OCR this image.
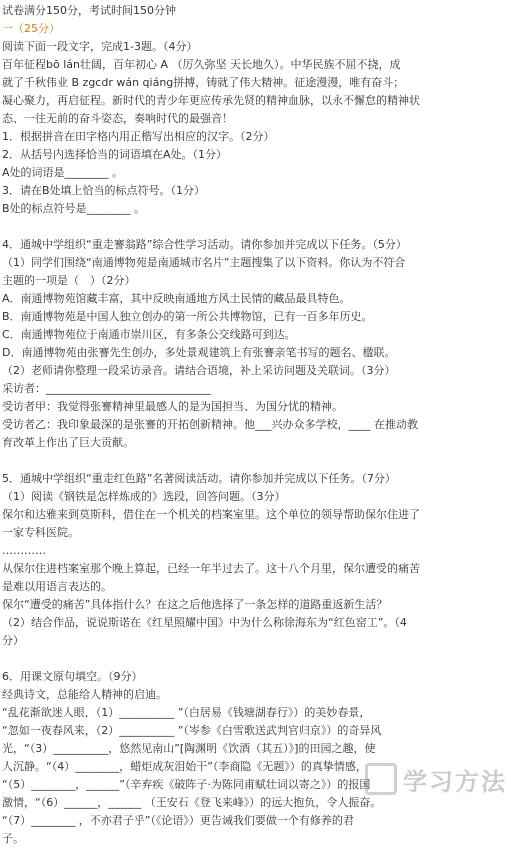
试卷满分150分，考试时间150分钟
一（25分）
阅读下面一段文字，完成1-3题。（4分）
百年征程bō lán壮阔，百年初心 A （厉久弥坚 天长地久）。中华民族不屈不挠，成
就了千秋伟业 B zgcdr wán qiáng拼搏，铸就了伟大精神。征途漫漫，唯有奋斗；
凝心聚力，再启征程。新时代的青少年更应传承先贤的精神血脉，以永不懈怠的精神状
态、一往无前的奋斗姿态，奏响时代的最强音！
1．根据拼音在田字格内用正楷写出相应的汉字。（2分）
2．从括号内选择恰当的词语填在A处。（1分）
A处的词语是________ 。
3．请在B处填上恰当的标点符号。（1分）
B处的标点符号是________ 。
4．通城中学组织“重走謇翁路”综合性学习活动。请你参加并完成以下任务。（5分）
（1）同学们围绕“南通博物苑是南通城市名片”主题搜集了以下资料。你认为不符合
主题的一项是（　）（2分）
A．南通博物苑馆藏丰富，其中反映南通地方风土民情的藏品最具特色。
B．南通博物苑是中国人独立创办的第一所公共博物馆，已有一百多年历史。
C．南通博物苑位于南通市崇川区，有多条公交线路可到达。
D．南通博物苑由张謇先生创办，多处景观建筑上有张謇亲笔书写的题名、楹联。
（2）老师请你整理一段采访录音。请结合语境，补上采访问题及关联词。（3分）
采访者：______________________________
受访者甲：我觉得张謇精神里最感人的是为国担当、为国分忧的精神。
受访者乙：我印象最深的是张謇的开拓创新精神。他___兴办众多学校，____ 在推动教
育改革上作出了巨大贡献。
5．通城中学组织“重走红色路”名著阅读活动。请你参加并完成以下任务。（7分）
（1）阅读《钢铁是怎样炼成的》选段，回答问题。（3分）
保尔和达雅来到莫斯科，借住在一个机关的档案室里。这个单位的领导帮助保尔住进了
一家专科医院。
…………
从保尔住进档案室那个晚上算起，已经一年半过去了。这十八个月里，保尔遭受的痛苦
是难以用语言表达的。
保尔“遭受的痛苦”具体指什么？在这之后他选择了一条怎样的道路重返新生活？
（2）结合作品，说说斯诺在《红星照耀中国》中为什么称徐海东为“红色窑工”。（4
分）
6．用课文原句填空。（9分）
经典诗文，总能给人精神的启迪。
“乱花渐欲迷人眼，（1）__________ ”（白居易《钱塘湖春行》）的美妙春景，
“忽如一夜春风来，（2）__________ ”（岑参《白雪歌送武判官归京》）的奇异风
光，“（3）__________，悠然见南山”[陶渊明《饮酒（其五）》]的田园之趣，使
人沉静。“（4）________，蜡炬成灰泪始干”（李商隐《无题》）的真挚情感，
“（5）________，______”（辛弃疾《破阵子·为陈同甫赋壮词以寄之》）的报国
激情，“（6）______，______ （王安石《登飞来峰》）的远大抱负，令人振奋。
“（7）________ ，不亦君子乎”（《论语》）更告诫我们要做一个有修养的君
子。
学习方法
